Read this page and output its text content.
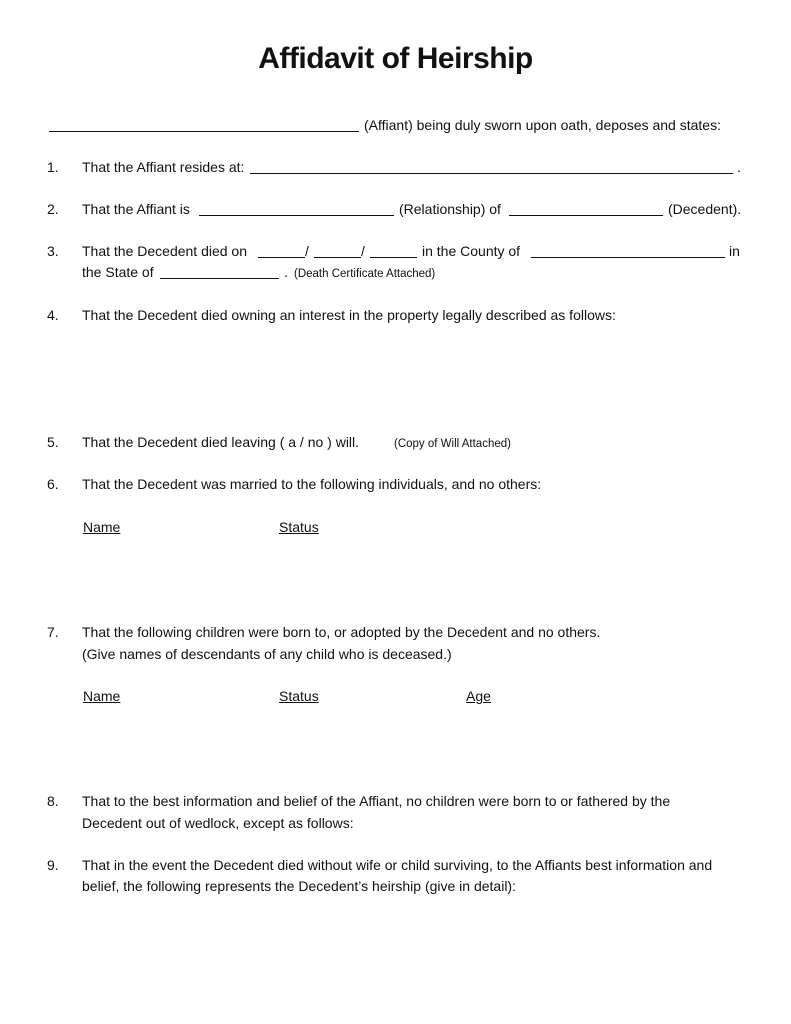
Affidavit of Heirship
(Affiant) being duly sworn upon oath, deposes and states:
1. That the Affiant resides at:	.
2. That the Affiant is	(Relationship) of	(Decedent).
3. That the Decedent died on	/	/	in the County of	in
the State of	. (Death Certificate Attached)
4. That the Decedent died owning an interest in the property legally described as follows:
5. That the Decedent died leaving ( a / no ) will.	(Copy of Will Attached)
6. That the Decedent was married to the following individuals, and no others:
Name	Status
7. That the following children were born to, or adopted by the Decedent and no others.
(Give names of descendants of any child who is deceased.)
Name	Status	Age
8. That to the best information and belief of the Affiant, no children were born to or fathered by the
Decedent out of wedlock, except as follows:
9. That in the event the Decedent died without wife or child surviving, to the Affiants best information and
belief, the following represents the Decedent’s heirship (give in detail):
